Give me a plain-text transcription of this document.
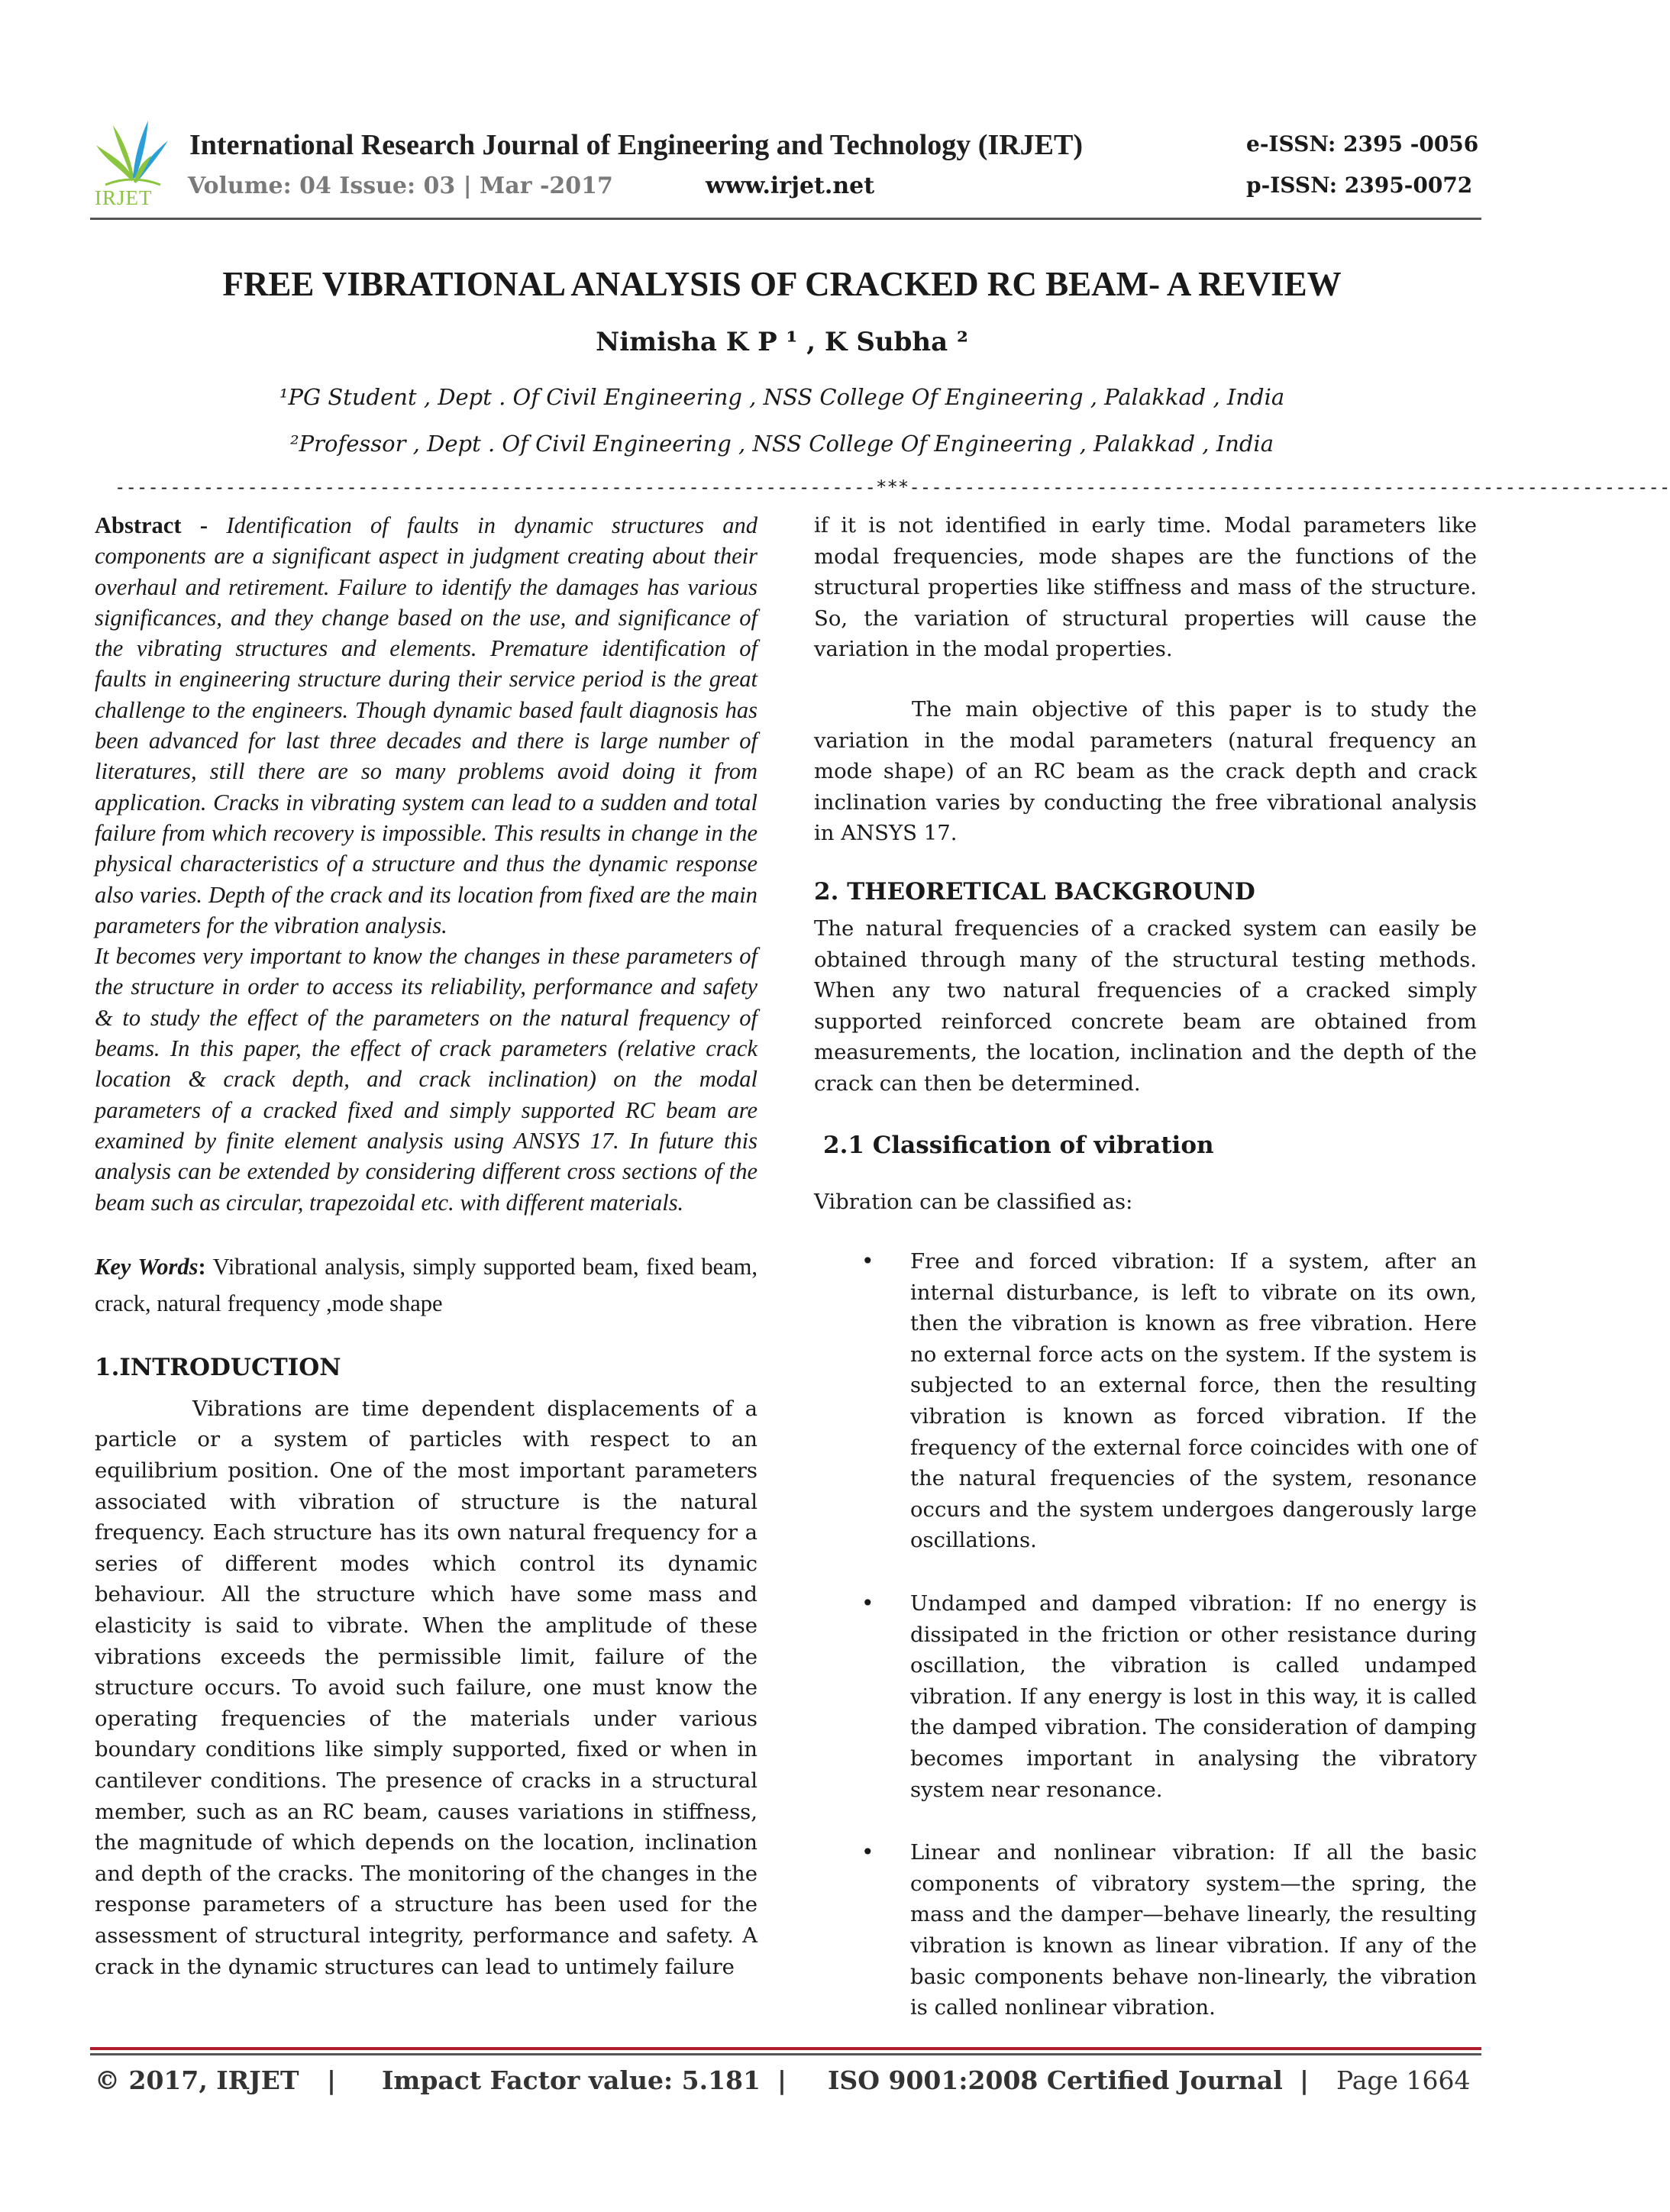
IRJET
International Research Journal of Engineering and Technology (IRJET)	e-ISSN: 2395 -0056
Volume: 04 Issue: 03 | Mar -2017	www.irjet.net	p-ISSN: 2395-0072
FREE VIBRATIONAL ANALYSIS OF CRACKED RC BEAM- A REVIEW
Nimisha K P ¹ , K Subha ²
¹PG Student , Dept . Of Civil Engineering , NSS College Of Engineering , Palakkad , India
²Professor , Dept . Of Civil Engineering , NSS College Of Engineering , Palakkad , India
---------------------------------------------------------------------***---------------------------------------------------------------------

Abstract - Identification of faults in dynamic structures and components are a significant aspect in judgment creating about their overhaul and retirement. Failure to identify the damages has various significances, and they change based on the use, and significance of the vibrating structures and elements. Premature identification of faults in engineering structure during their service period is the great challenge to the engineers. Though dynamic based fault diagnosis has been advanced for last three decades and there is large number of literatures, still there are so many problems avoid doing it from application. Cracks in vibrating system can lead to a sudden and total failure from which recovery is impossible. This results in change in the physical characteristics of a structure and thus the dynamic response also varies. Depth of the crack and its location from fixed are the main parameters for the vibration analysis.

It becomes very important to know the changes in these parameters of the structure in order to access its reliability, performance and safety & to study the effect of the parameters on the natural frequency of beams. In this paper, the effect of crack parameters (relative crack location & crack depth, and crack inclination) on the modal parameters of a cracked fixed and simply supported RC beam are examined by finite element analysis using ANSYS 17. In future this analysis can be extended by considering different cross sections of the beam such as circular, trapezoidal etc. with different materials.

Key Words: Vibrational analysis, simply supported beam, fixed beam, crack, natural frequency ,mode shape

1.INTRODUCTION

Vibrations are time dependent displacements of a particle or a system of particles with respect to an equilibrium position. One of the most important parameters associated with vibration of structure is the natural frequency. Each structure has its own natural frequency for a series of different modes which control its dynamic behaviour. All the structure which have some mass and elasticity is said to vibrate. When the amplitude of these vibrations exceeds the permissible limit, failure of the structure occurs. To avoid such failure, one must know the operating frequencies of the materials under various boundary conditions like simply supported, fixed or when in cantilever conditions. The presence of cracks in a structural member, such as an RC beam, causes variations in stiffness, the magnitude of which depends on the location, inclination and depth of the cracks. The monitoring of the changes in the response parameters of a structure has been used for the assessment of structural integrity, performance and safety. A crack in the dynamic structures can lead to untimely failure

if it is not identified in early time. Modal parameters like modal frequencies, mode shapes are the functions of the structural properties like stiffness and mass of the structure. So, the variation of structural properties will cause the variation in the modal properties.

The main objective of this paper is to study the variation in the modal parameters (natural frequency an mode shape) of an RC beam as the crack depth and crack inclination varies by conducting the free vibrational analysis in ANSYS 17.

2. THEORETICAL BACKGROUND

The natural frequencies of a cracked system can easily be obtained through many of the structural testing methods. When any two natural frequencies of a cracked simply supported reinforced concrete beam are obtained from measurements, the location, inclination and the depth of the crack can then be determined.

2.1 Classification of vibration

Vibration can be classified as:

• Free and forced vibration: If a system, after an internal disturbance, is left to vibrate on its own, then the vibration is known as free vibration. Here no external force acts on the system. If the system is subjected to an external force, then the resulting vibration is known as forced vibration. If the frequency of the external force coincides with one of the natural frequencies of the system, resonance occurs and the system undergoes dangerously large oscillations.
• Undamped and damped vibration: If no energy is dissipated in the friction or other resistance during oscillation, the vibration is called undamped vibration. If any energy is lost in this way, it is called the damped vibration. The consideration of damping becomes important in analysing the vibratory system near resonance.
• Linear and nonlinear vibration: If all the basic components of vibratory system—the spring, the mass and the damper—behave linearly, the resulting vibration is known as linear vibration. If any of the basic components behave non-linearly, the vibration is called nonlinear vibration.
© 2017, IRJET | Impact Factor value: 5.181 | ISO 9001:2008 Certified Journal | Page 1664
